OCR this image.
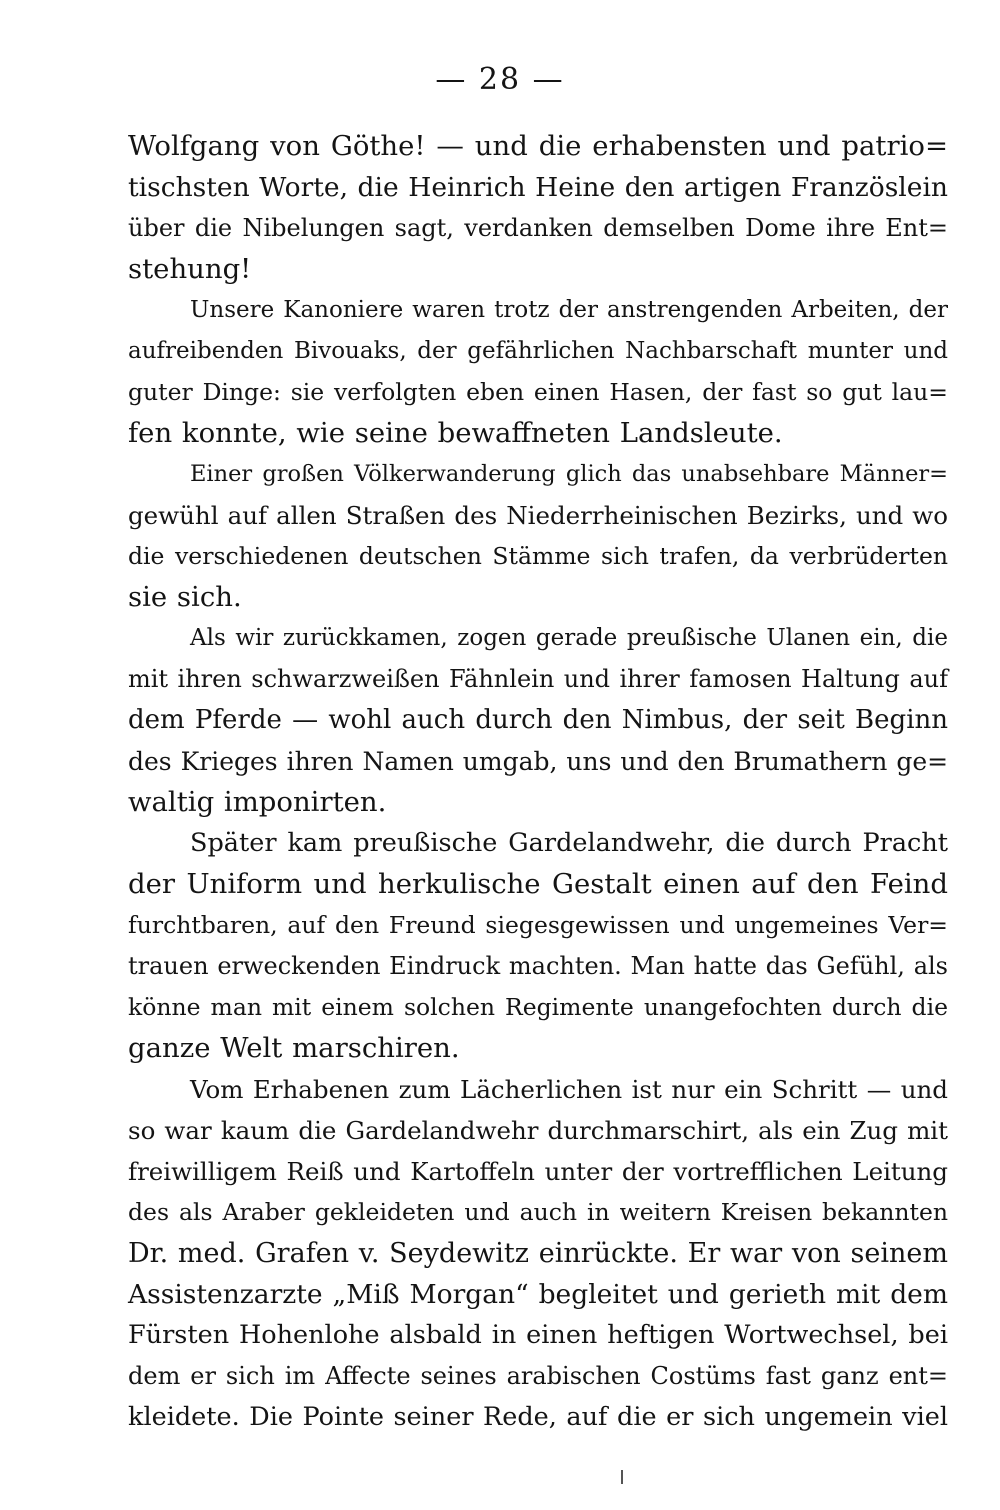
— 28 —
Wolfgang von Göthe! — und die erhabensten und patrio=
tischsten Worte, die Heinrich Heine den artigen Französlein
über die Nibelungen sagt, verdanken demselben Dome ihre Ent=
stehung!
Unsere Kanoniere waren trotz der anstrengenden Arbeiten, der
aufreibenden Bivouaks, der gefährlichen Nachbarschaft munter und
guter Dinge: sie verfolgten eben einen Hasen, der fast so gut lau=
fen konnte, wie seine bewaffneten Landsleute.
Einer großen Völkerwanderung glich das unabsehbare Männer=
gewühl auf allen Straßen des Niederrheinischen Bezirks, und wo
die verschiedenen deutschen Stämme sich trafen, da verbrüderten
sie sich.
Als wir zurückkamen, zogen gerade preußische Ulanen ein, die
mit ihren schwarzweißen Fähnlein und ihrer famosen Haltung auf
dem Pferde — wohl auch durch den Nimbus, der seit Beginn
des Krieges ihren Namen umgab, uns und den Brumathern ge=
waltig imponirten.
Später kam preußische Gardelandwehr, die durch Pracht
der Uniform und herkulische Gestalt einen auf den Feind
furchtbaren, auf den Freund siegesgewissen und ungemeines Ver=
trauen erweckenden Eindruck machten. Man hatte das Gefühl, als
könne man mit einem solchen Regimente unangefochten durch die
ganze Welt marschiren.
Vom Erhabenen zum Lächerlichen ist nur ein Schritt — und
so war kaum die Gardelandwehr durchmarschirt, als ein Zug mit
freiwilligem Reiß und Kartoffeln unter der vortrefflichen Leitung
des als Araber gekleideten und auch in weitern Kreisen bekannten
Dr. med. Grafen v. Seydewitz einrückte. Er war von seinem
Assistenzarzte „Miß Morgan“ begleitet und gerieth mit dem
Fürsten Hohenlohe alsbald in einen heftigen Wortwechsel, bei
dem er sich im Affecte seines arabischen Costüms fast ganz ent=
kleidete. Die Pointe seiner Rede, auf die er sich ungemein viel
